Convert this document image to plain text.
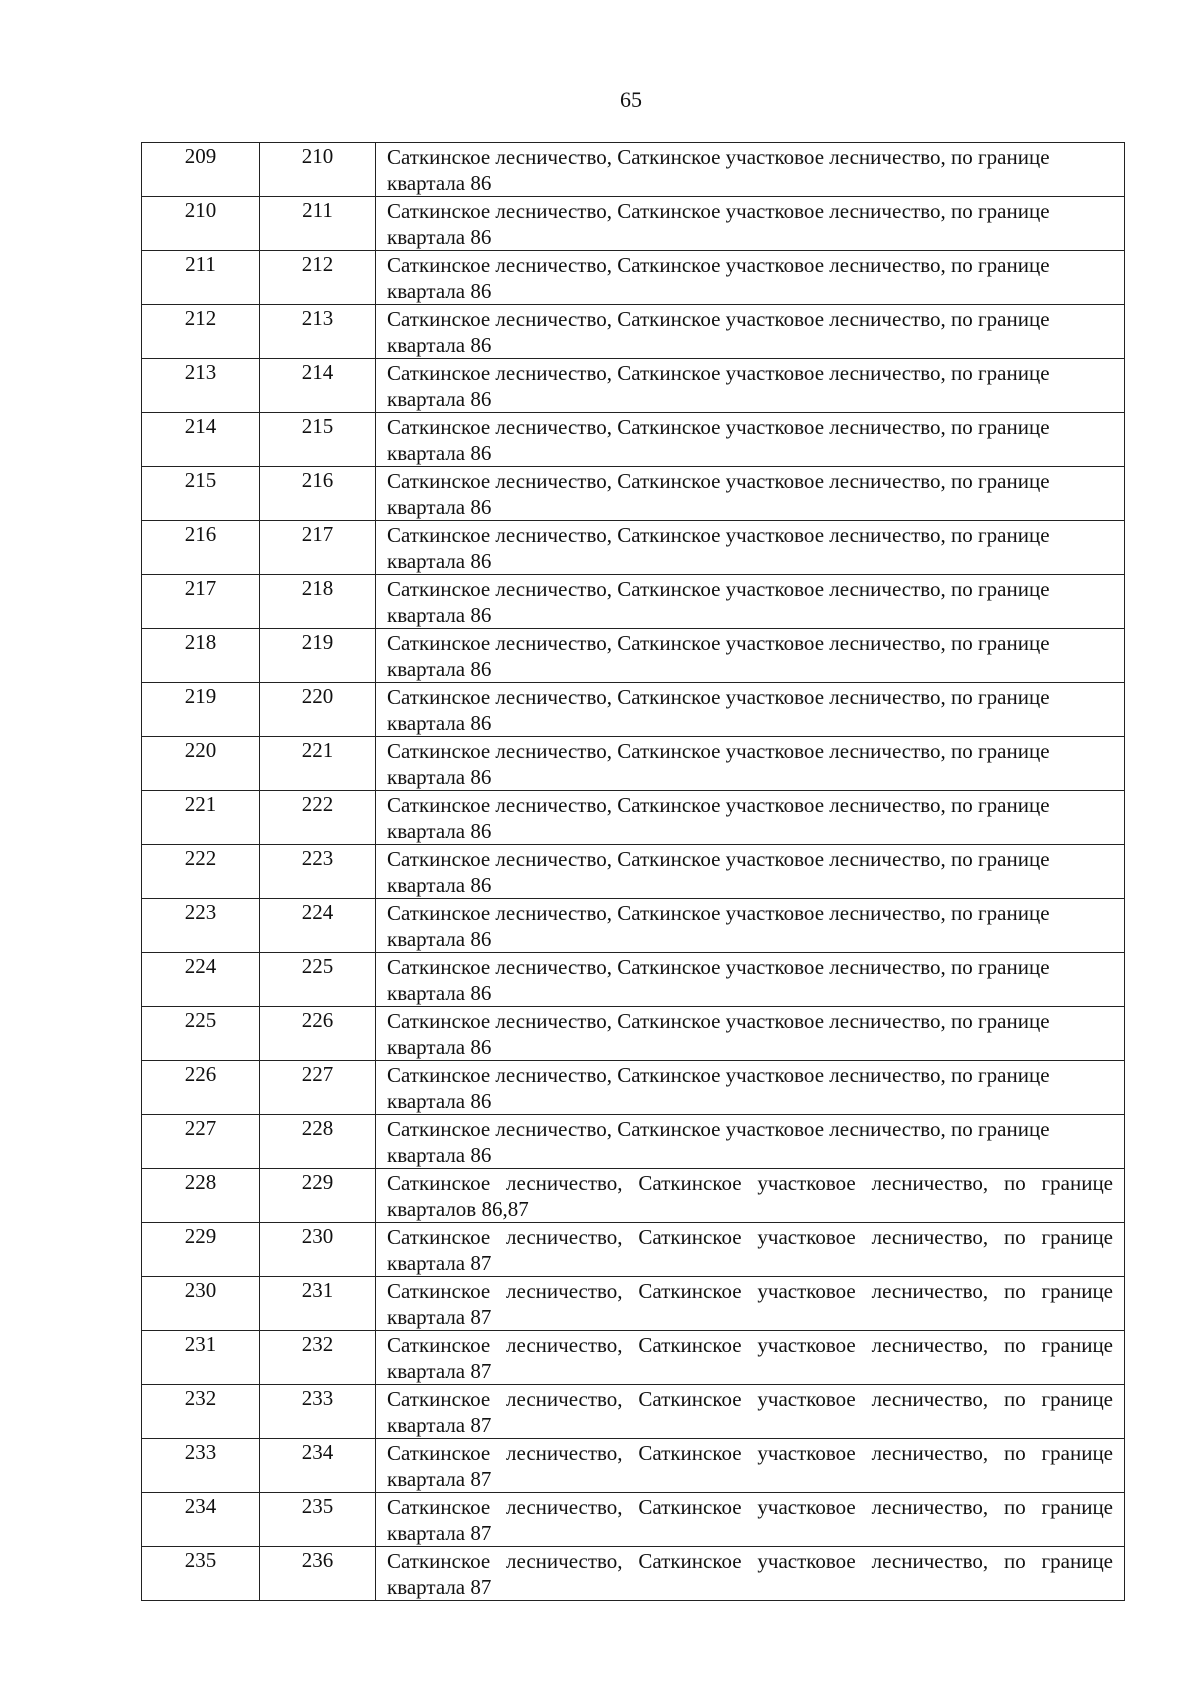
65
209	210	Саткинское лесничество, Саткинское участковое лесничество, по границе квартала 86
210	211	Саткинское лесничество, Саткинское участковое лесничество, по границе квартала 86
211	212	Саткинское лесничество, Саткинское участковое лесничество, по границе квартала 86
212	213	Саткинское лесничество, Саткинское участковое лесничество, по границе квартала 86
213	214	Саткинское лесничество, Саткинское участковое лесничество, по границе квартала 86
214	215	Саткинское лесничество, Саткинское участковое лесничество, по границе квартала 86
215	216	Саткинское лесничество, Саткинское участковое лесничество, по границе квартала 86
216	217	Саткинское лесничество, Саткинское участковое лесничество, по границе квартала 86
217	218	Саткинское лесничество, Саткинское участковое лесничество, по границе квартала 86
218	219	Саткинское лесничество, Саткинское участковое лесничество, по границе квартала 86
219	220	Саткинское лесничество, Саткинское участковое лесничество, по границе квартала 86
220	221	Саткинское лесничество, Саткинское участковое лесничество, по границе квартала 86
221	222	Саткинское лесничество, Саткинское участковое лесничество, по границе квартала 86
222	223	Саткинское лесничество, Саткинское участковое лесничество, по границе квартала 86
223	224	Саткинское лесничество, Саткинское участковое лесничество, по границе квартала 86
224	225	Саткинское лесничество, Саткинское участковое лесничество, по границе квартала 86
225	226	Саткинское лесничество, Саткинское участковое лесничество, по границе квартала 86
226	227	Саткинское лесничество, Саткинское участковое лесничество, по границе квартала 86
227	228	Саткинское лесничество, Саткинское участковое лесничество, по границе квартала 86
228	229	Саткинское лесничество, Саткинское участковое лесничество, по границе кварталов 86,87
229	230	Саткинское лесничество, Саткинское участковое лесничество, по границе квартала 87
230	231	Саткинское лесничество, Саткинское участковое лесничество, по границе квартала 87
231	232	Саткинское лесничество, Саткинское участковое лесничество, по границе квартала 87
232	233	Саткинское лесничество, Саткинское участковое лесничество, по границе квартала 87
233	234	Саткинское лесничество, Саткинское участковое лесничество, по границе квартала 87
234	235	Саткинское лесничество, Саткинское участковое лесничество, по границе квартала 87
235	236	Саткинское лесничество, Саткинское участковое лесничество, по границе квартала 87
